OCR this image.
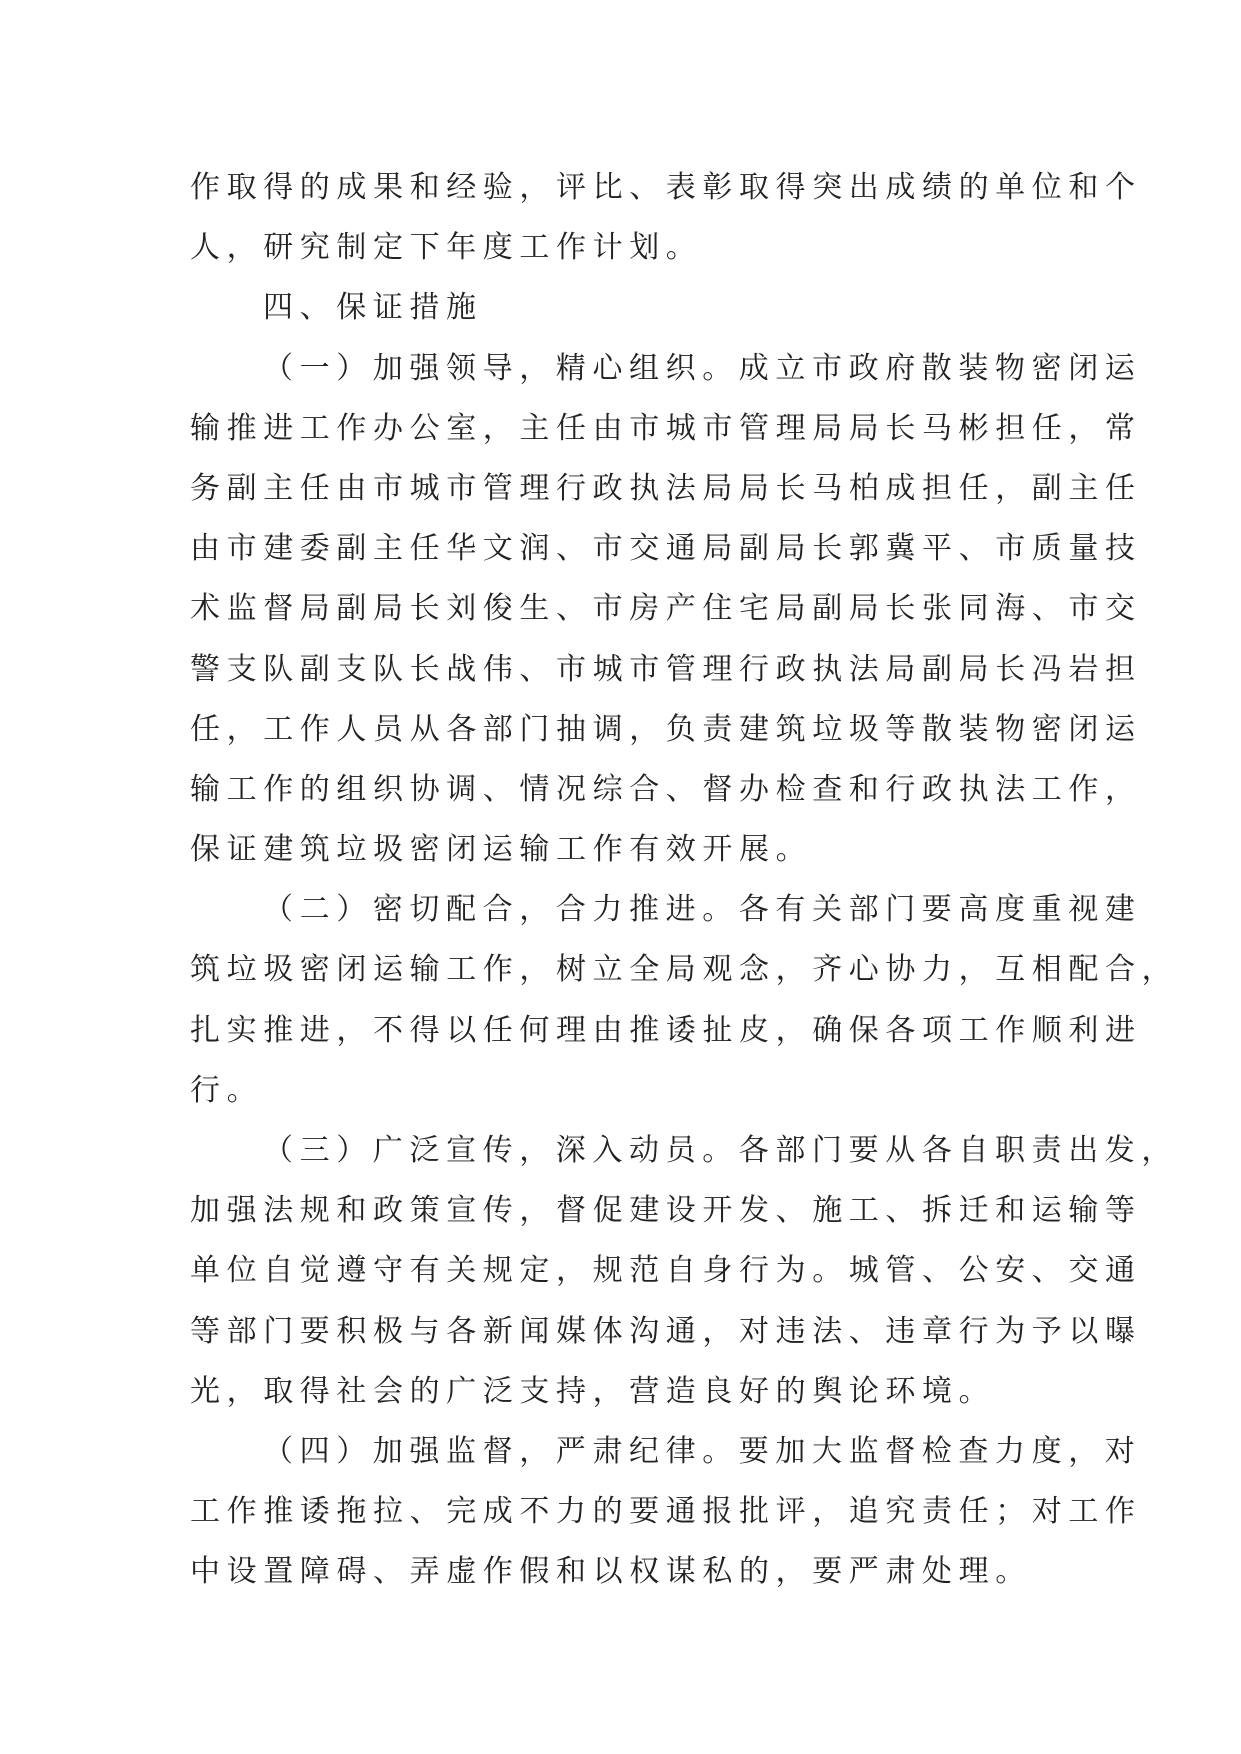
作取得的成果和经验，评比、表彰取得突出成绩的单位和个

人，研究制定下年度工作计划。

四、保证措施

（一）加强领导，精心组织。成立市政府散装物密闭运

输推进工作办公室，主任由市城市管理局局长马彬担任，常

务副主任由市城市管理行政执法局局长马柏成担任，副主任

由市建委副主任华文润、市交通局副局长郭冀平、市质量技

术监督局副局长刘俊生、市房产住宅局副局长张同海、市交

警支队副支队长战伟、市城市管理行政执法局副局长冯岩担

任，工作人员从各部门抽调，负责建筑垃圾等散装物密闭运

输工作的组织协调、情况综合、督办检查和行政执法工作，

保证建筑垃圾密闭运输工作有效开展。

（二）密切配合，合力推进。各有关部门要高度重视建

筑垃圾密闭运输工作，树立全局观念，齐心协力，互相配合，

扎实推进，不得以任何理由推诿扯皮，确保各项工作顺利进

行。

（三）广泛宣传，深入动员。各部门要从各自职责出发，

加强法规和政策宣传，督促建设开发、施工、拆迁和运输等

单位自觉遵守有关规定，规范自身行为。城管、公安、交通

等部门要积极与各新闻媒体沟通，对违法、违章行为予以曝

光，取得社会的广泛支持，营造良好的舆论环境。

（四）加强监督，严肃纪律。要加大监督检查力度，对

工作推诿拖拉、完成不力的要通报批评，追究责任；对工作

中设置障碍、弄虚作假和以权谋私的，要严肃处理。
